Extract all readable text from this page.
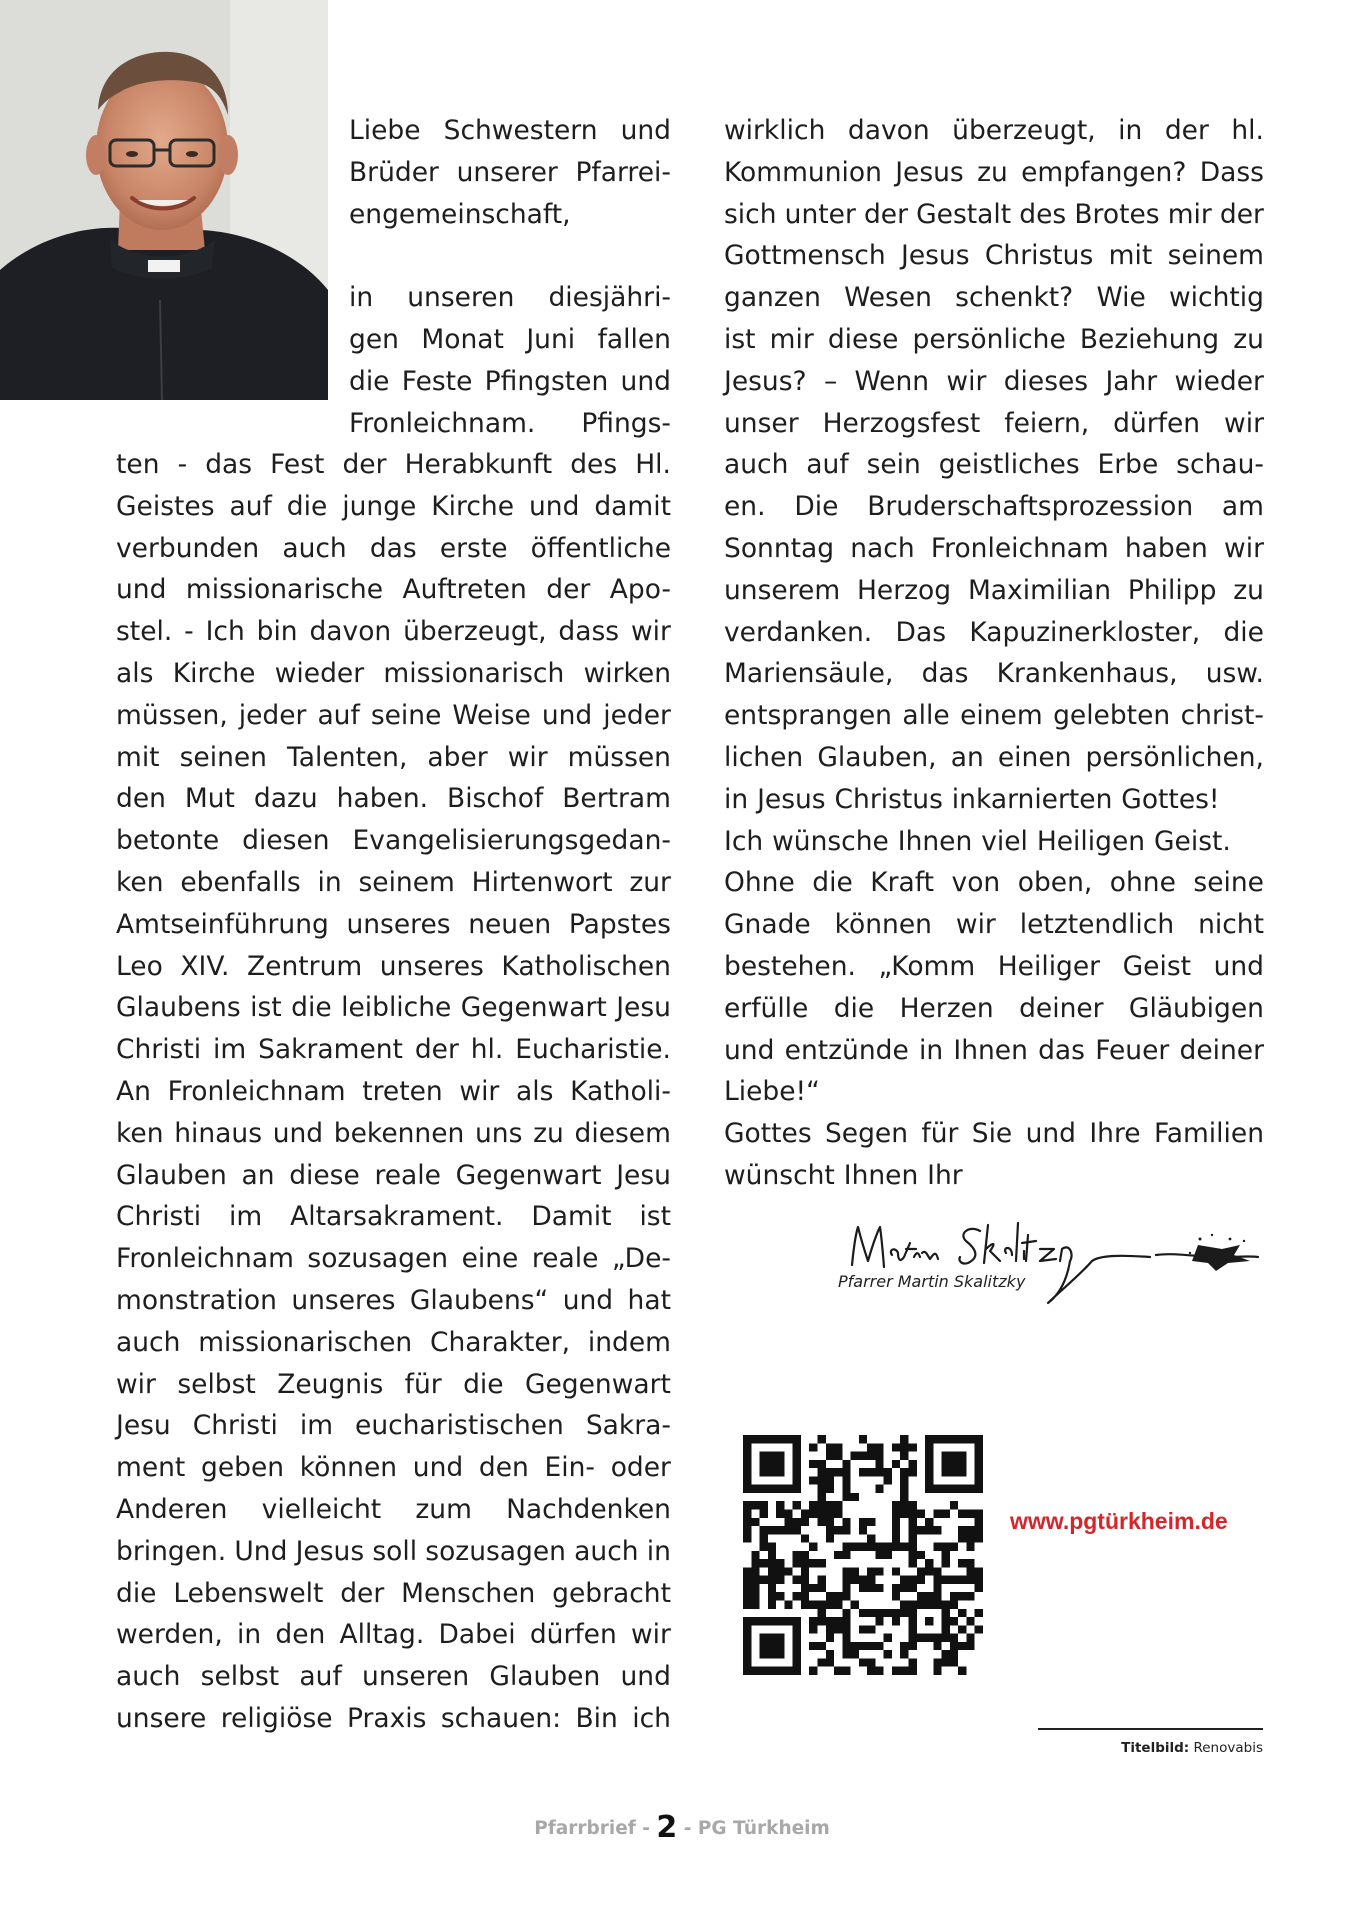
Liebe Schwestern und
Brüder unserer Pfarrei-
engemeinschaft,
in unseren diesjähri-
gen Monat Juni fallen
die Feste Pfingsten und
Fronleichnam. Pfings-
ten - das Fest der Herabkunft des Hl.
Geistes auf die junge Kirche und damit
verbunden auch das erste öffentliche
und missionarische Auftreten der Apo-
stel. - Ich bin davon überzeugt, dass wir
als Kirche wieder missionarisch wirken
müssen, jeder auf seine Weise und jeder
mit seinen Talenten, aber wir müssen
den Mut dazu haben. Bischof Bertram
betonte diesen Evangelisierungsgedan-
ken ebenfalls in seinem Hirtenwort zur
Amtseinführung unseres neuen Papstes
Leo XIV. Zentrum unseres Katholischen
Glaubens ist die leibliche Gegenwart Jesu
Christi im Sakrament der hl. Eucharistie.
An Fronleichnam treten wir als Katholi-
ken hinaus und bekennen uns zu diesem
Glauben an diese reale Gegenwart Jesu
Christi im Altarsakrament. Damit ist
Fronleichnam sozusagen eine reale „De-
monstration unseres Glaubens“ und hat
auch missionarischen Charakter, indem
wir selbst Zeugnis für die Gegenwart
Jesu Christi im eucharistischen Sakra-
ment geben können und den Ein- oder
Anderen vielleicht zum Nachdenken
bringen. Und Jesus soll sozusagen auch in
die Lebenswelt der Menschen gebracht
werden, in den Alltag. Dabei dürfen wir
auch selbst auf unseren Glauben und
unsere religiöse Praxis schauen: Bin ich
wirklich davon überzeugt, in der hl.
Kommunion Jesus zu empfangen? Dass
sich unter der Gestalt des Brotes mir der
Gottmensch Jesus Christus mit seinem
ganzen Wesen schenkt? Wie wichtig
ist mir diese persönliche Beziehung zu
Jesus? – Wenn wir dieses Jahr wieder
unser Herzogsfest feiern, dürfen wir
auch auf sein geistliches Erbe schau-
en. Die Bruderschaftsprozession am
Sonntag nach Fronleichnam haben wir
unserem Herzog Maximilian Philipp zu
verdanken. Das Kapuzinerkloster, die
Mariensäule, das Krankenhaus, usw.
entsprangen alle einem gelebten christ-
lichen Glauben, an einen persönlichen,
in Jesus Christus inkarnierten Gottes!
Ich wünsche Ihnen viel Heiligen Geist.
Ohne die Kraft von oben, ohne seine
Gnade können wir letztendlich nicht
bestehen. „Komm Heiliger Geist und
erfülle die Herzen deiner Gläubigen
und entzünde in Ihnen das Feuer deiner
Liebe!“
Gottes Segen für Sie und Ihre Familien
wünscht Ihnen Ihr
Pfarrer Martin Skalitzky
www.pgtürkheim.de
Titelbild: Renovabis
Pfarrbrief - 2 - PG Türkheim
